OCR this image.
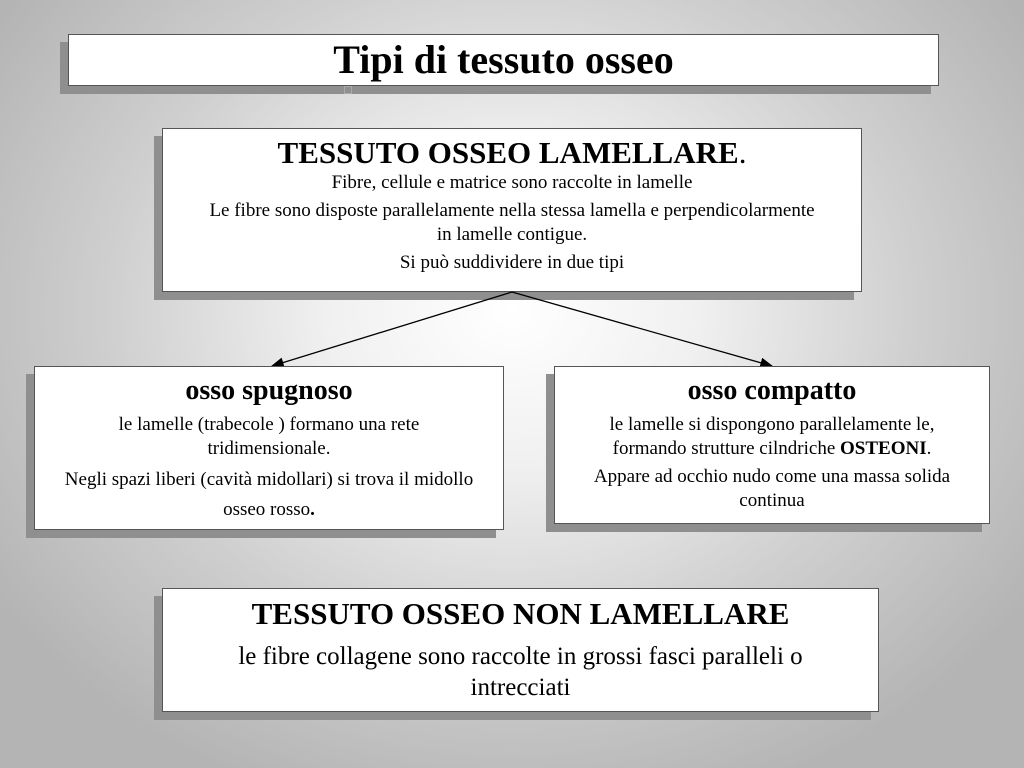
Tipi di tessuto osseo
TESSUTO OSSEO LAMELLARE.

Fibre, cellule e matrice sono raccolte in lamelle

Le fibre sono disposte parallelamente nella stessa lamella e perpendicolarmente in lamelle contigue.

Si può suddividere in due tipi

osso spugnoso

le lamelle (trabecole ) formano una rete tridimensionale.

Negli spazi liberi (cavità midollari) si trova il midollo osseo rosso.

osso compatto

le lamelle si dispongono parallelamente le, formando strutture cilndriche OSTEONI.

Appare ad occhio nudo come una massa solida continua

TESSUTO OSSEO NON LAMELLARE

le fibre collagene sono raccolte in grossi fasci paralleli o intrecciati
